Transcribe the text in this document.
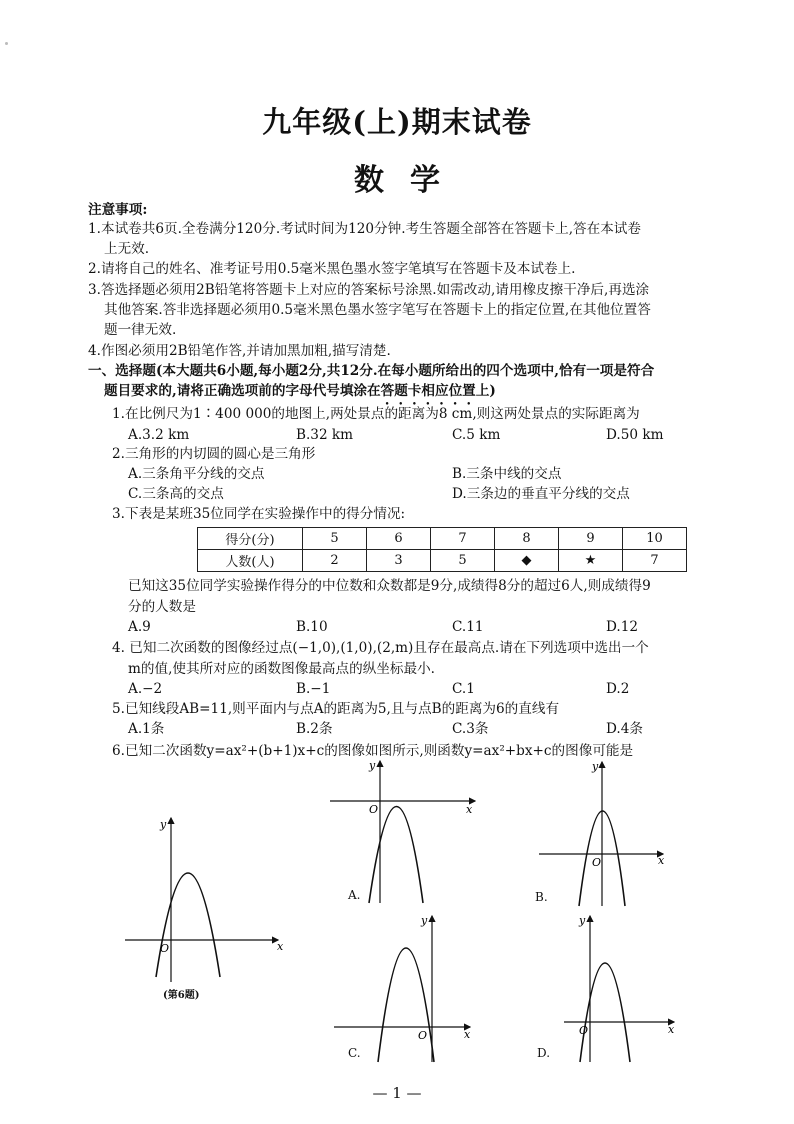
九年级(上)期末试卷
数学
注意事项:
1.本试卷共6页.全卷满分120分.考试时间为120分钟.考生答题全部答在答题卡上,答在本试卷
上无效.
2.请将自己的姓名、准考证号用0.5毫米黑色墨水签字笔填写在答题卡及本试卷上.
3.答选择题必须用2B铅笔将答题卡上对应的答案标号涂黑.如需改动,请用橡皮擦干净后,再选涂
其他答案.答非选择题必须用0.5毫米黑色墨水签字笔写在答题卡上的指定位置,在其他位置答
题一律无效.
4.作图必须用2B铅笔作答,并请加黑加粗,描写清楚.
一、选择题(本大题共6小题,每小题2分,共12分.在每小题所给出的四个选项中,恰有一项是符合
题目要求的,请将正确选项前的字母代号填涂在答题卡相应位置上)
1.在比例尺为1∶400 000的地图上,两处景点的距离为8 cm,则这两处景点的实际距离为
A.3.2 km	B.32 km	C.5 km	D.50 km
2.三角形的内切圆的圆心是三角形
A.三条角平分线的交点	B.三条中线的交点
C.三条高的交点	D.三条边的垂直平分线的交点
3.下表是某班35位同学在实验操作中的得分情况:
得分(分)	5	6	7	8	9	10
人数(人)	2	3	5	◆	★	7
已知这35位同学实验操作得分的中位数和众数都是9分,成绩得8分的超过6人,则成绩得9
分的人数是
A.9	B.10	C.11	D.12
4. 已知二次函数的图像经过点(−1,0),(1,0),(2,m)且存在最高点.请在下列选项中选出一个
m的值,使其所对应的函数图像最高点的纵坐标最小.
A.−2	B.−1	C.1	D.2
5.已知线段AB=11,则平面内与点A的距离为5,且与点B的距离为6的直线有
A.1条	B.2条	C.3条	D.4条
6.已知二次函数y=ax²+(b+1)x+c的图像如图所示,则函数y=ax²+bx+c的图像可能是
x
y
O
(第6题)
x
y
O
A.
x
y
O
B.
x
y
O
C.
x
y
O
D.
— 1 —
